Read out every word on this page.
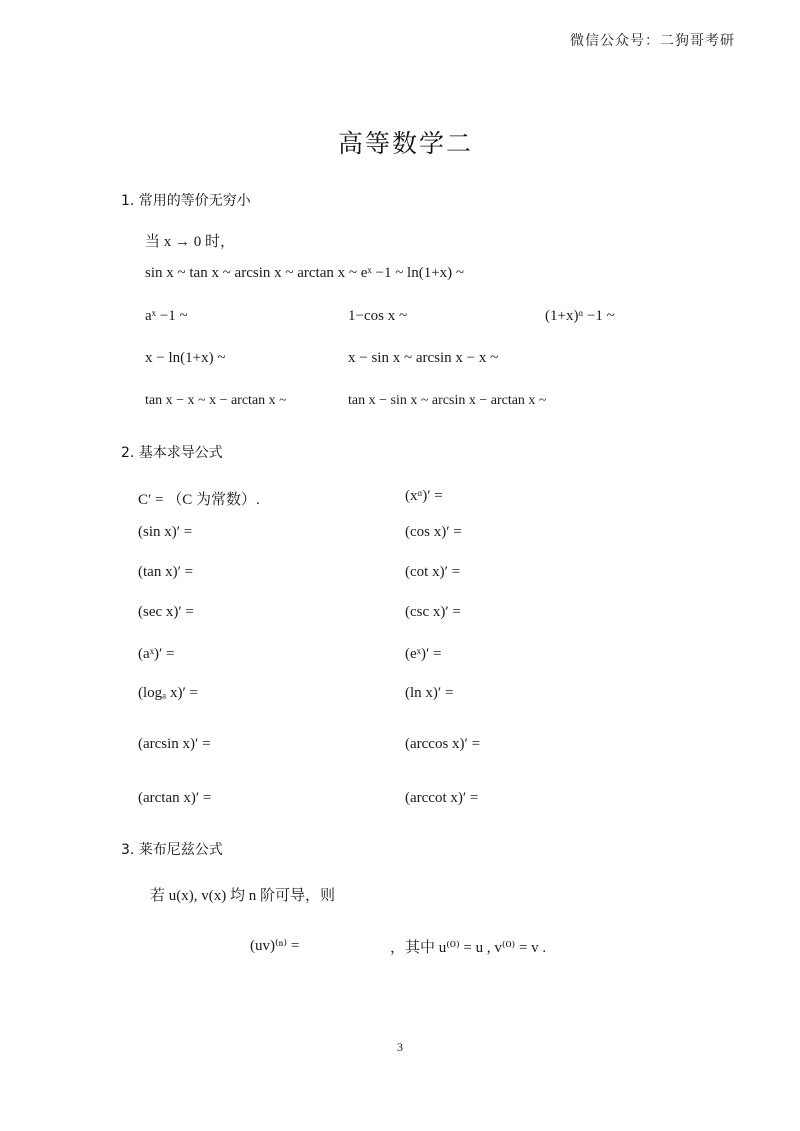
微信公众号：二狗哥考研
高等数学二
1. 常用的等价无穷小
当 x → 0 时，
sin x ~ tan x ~ arcsin x ~ arctan x ~ eˣ −1 ~ ln(1+x) ~
aˣ −1 ~	1−cos x ~	(1+x)ᵅ −1 ~
x − ln(1+x) ~	x − sin x ~ arcsin x − x ~
tan x − x ~ x − arctan x ~	tan x − sin x ~ arcsin x − arctan x ~
2. 基本求导公式
C′ = （C 为常数）.	(xᵅ)′ =
(sin x)′ =	(cos x)′ =
(tan x)′ =	(cot x)′ =
(sec x)′ =	(csc x)′ =
(aˣ)′ =	(eˣ)′ =
(logₐ x)′ =	(ln x)′ =
(arcsin x)′ =	(arccos x)′ =
(arctan x)′ =	(arccot x)′ =
3. 莱布尼兹公式
若 u(x), v(x) 均 n 阶可导，则
(uv)⁽ⁿ⁾ =	，其中 u⁽⁰⁾ = u , v⁽⁰⁾ = v .
3
